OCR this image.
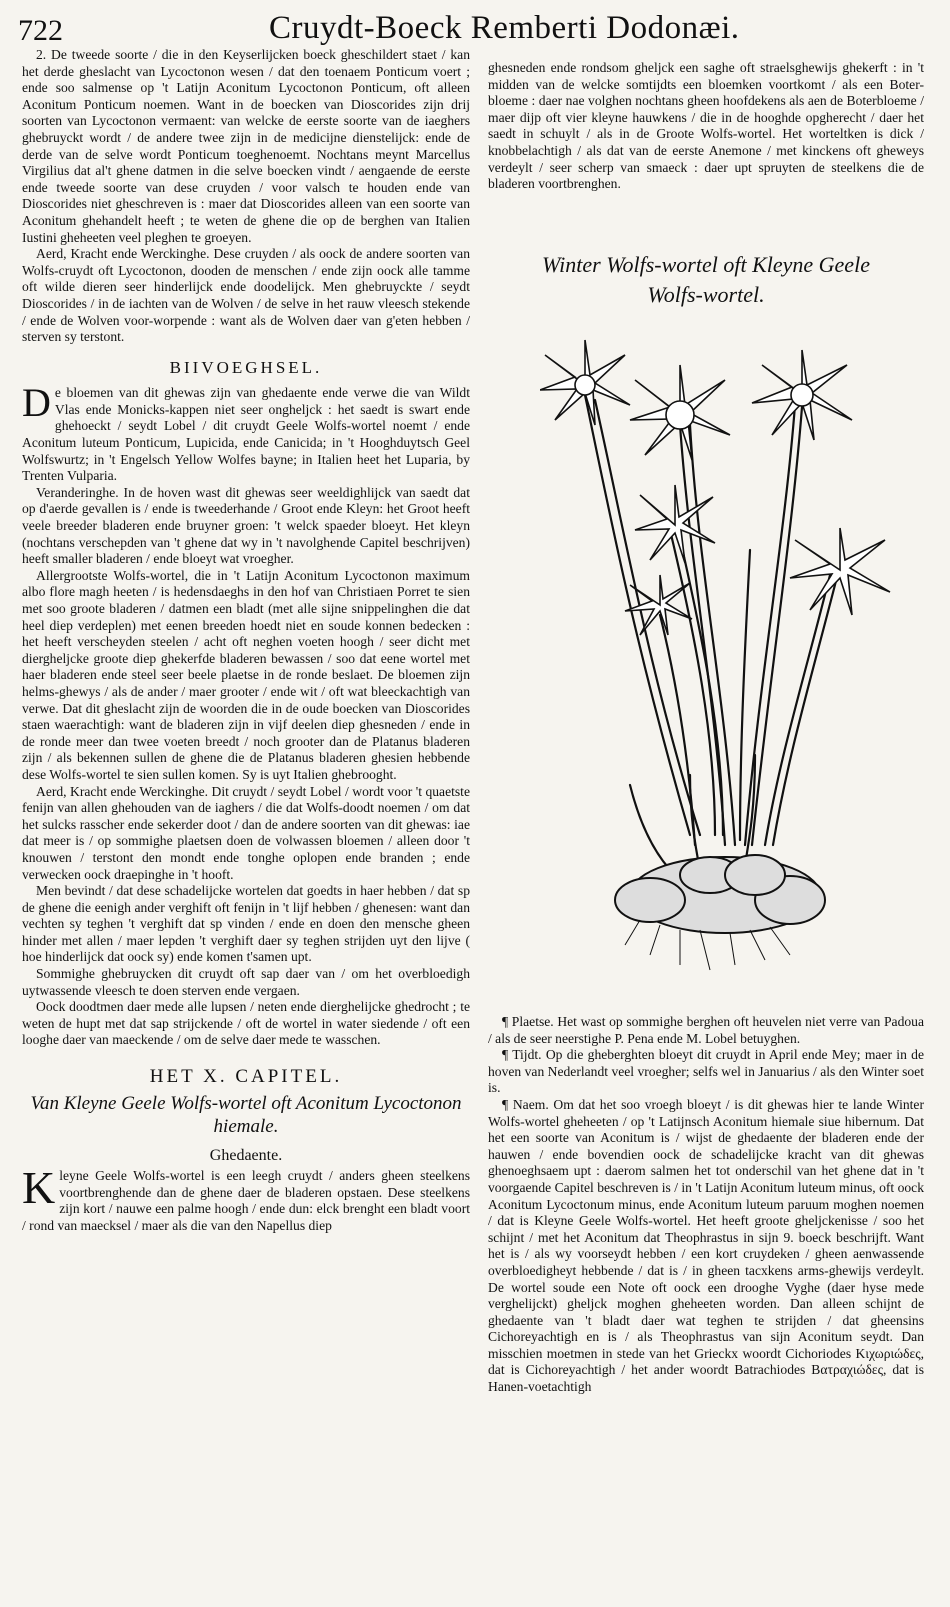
722	Cruydt-Boeck Remberti Dodonæi.

2. De tweede soorte / die in den Keyserlijcken boeck gheschildert staet / kan het derde gheslacht van Lycoctonon wesen / dat den toenaem Ponticum voert ; ende soo salmense op 't Latijn Aconitum Lycoctonon Ponticum, oft alleen Aconitum Ponticum noemen. Want in de boecken van Dioscorides zijn drij soorten van Lycoctonon vermaent: van welcke de eerste soorte van de iaeghers ghebruyckt wordt / de andere twee zijn in de medicijne dienstelijck: ende de derde van de selve wordt Ponticum toeghenoemt. Nochtans meynt Marcellus Virgilius dat al't ghene datmen in die selve boecken vindt / aengaende de eerste ende tweede soorte van dese cruyden / voor valsch te houden ende van Dioscorides niet gheschreven is : maer dat Dioscorides alleen van een soorte van Aconitum ghehandelt heeft ; te weten de ghene die op de berghen van Italien Iustini gheheeten veel pleghen te groeyen.

Aerd, Kracht ende Werckinghe. Dese cruyden / als oock de andere soorten van Wolfs-cruydt oft Lycoctonon, dooden de menschen / ende zijn oock alle tamme oft wilde dieren seer hinderlijck ende doodelijck. Men ghebruyckte / seydt Dioscorides / in de iachten van de Wolven / de selve in het rauw vleesch stekende / ende de Wolven voor-worpende : want als de Wolven daer van g'eten hebben / sterven sy terstont.

BIIVOEGHSEL.

De bloemen van dit ghewas zijn van ghedaente ende verwe die van Wildt Vlas ende Monicks-kappen niet seer ongheljck : het saedt is swart ende ghehoeckt / seydt Lobel / dit cruydt Geele Wolfs-wortel noemt / ende Aconitum luteum Ponticum, Lupicida, ende Canicida; in 't Hooghduytsch Geel Wolfswurtz; in 't Engelsch Yellow Wolfes bayne; in Italien heet het Luparia, by Trenten Vulparia.

Veranderinghe. In de hoven wast dit ghewas seer weeldighlijck van saedt dat op d'aerde gevallen is / ende is tweederhande / Groot ende Kleyn: het Groot heeft veele breeder bladeren ende bruyner groen: 't welck spaeder bloeyt. Het kleyn (nochtans verschepden van 't ghene dat wy in 't navolghende Capitel beschrijven) heeft smaller bladeren / ende bloeyt wat vroegher.

Allergrootste Wolfs-wortel, die in 't Latijn Aconitum Lycoctonon maximum albo flore magh heeten / is hedensdaeghs in den hof van Christiaen Porret te sien met soo groote bladeren / datmen een bladt (met alle sijne snippelinghen die dat heel diep verdeplen) met eenen breeden hoedt niet en soude konnen bedecken : het heeft verscheyden steelen / acht oft neghen voeten hoogh / seer dicht met diergheljcke groote diep ghekerfde bladeren bewassen / soo dat eene wortel met haer bladeren ende steel seer beele plaetse in de ronde beslaet. De bloemen zijn helms-ghewys / als de ander / maer grooter / ende wit / oft wat bleeckachtigh van verwe. Dat dit gheslacht zijn de woorden die in de oude boecken van Dioscorides staen waerachtigh: want de bladeren zijn in vijf deelen diep ghesneden / ende in de ronde meer dan twee voeten breedt / noch grooter dan de Platanus bladeren zijn / als bekennen sullen de ghene die de Platanus bladeren ghesien hebbende dese Wolfs-wortel te sien sullen komen. Sy is uyt Italien ghebrooght.

Aerd, Kracht ende Werckinghe. Dit cruydt / seydt Lobel / wordt voor 't quaetste fenijn van allen ghehouden van de iaghers / die dat Wolfs-doodt noemen / om dat het sulcks rasscher ende sekerder doot / dan de andere soorten van dit ghewas: iae dat meer is / op sommighe plaetsen doen de volwassen bloemen / alleen door 't knouwen / terstont den mondt ende tonghe oplopen ende branden ; ende verwecken oock draepinghe in 't hooft.

Men bevindt / dat dese schadelijcke wortelen dat goedts in haer hebben / dat sp de ghene die eenigh ander verghift oft fenijn in 't lijf hebben / ghenesen: want dan vechten sy teghen 't verghift dat sp vinden / ende en doen den mensche gheen hinder met allen / maer lepden 't verghift daer sy teghen strijden uyt den lijve ( hoe hinderlijck dat oock sy) ende komen t'samen upt.

Sommighe ghebruycken dit cruydt oft sap daer van / om het overbloedigh uytwassende vleesch te doen sterven ende vergaen.

Oock doodtmen daer mede alle lupsen / neten ende dierghelijcke ghedrocht ; te weten de hupt met dat sap strijckende / oft de wortel in water siedende / oft een looghe daer van maeckende / om de selve daer mede te wasschen.

HET X. CAPITEL.
Van Kleyne Geele Wolfs-wortel oft Aconitum Lycoctonon hiemale.
Ghedaente.

Kleyne Geele Wolfs-wortel is een leegh cruydt / anders gheen steelkens voortbrenghende dan de ghene daer de bladeren opstaen. Dese steelkens zijn kort / nauwe een palme hoogh / ende dun: elck brenght een bladt voort / rond van maecksel / maer als die van den Napellus diep

ghesneden ende rondsom gheljck een saghe oft straelsghewijs ghekerft : in 't midden van de welcke somtijdts een bloemken voortkomt / als een Boter-bloeme : daer nae volghen nochtans gheen hoofdekens als aen de Boterbloeme / maer dijp oft vier kleyne hauwkens / die in de hooghde opgherecht / daer het saedt in schuylt / als in de Groote Wolfs-wortel. Het worteltken is dick / knobbelachtigh / als dat van de eerste Anemone / met kinckens oft gheweys verdeylt / seer scherp van smaeck : daer upt spruyten de steelkens die de bladeren voortbrenghen.

Winter Wolfs-wortel oft Kleyne Geele
Wolfs-wortel.

¶ Plaetse. Het wast op sommighe berghen oft heuvelen niet verre van Padoua / als de seer neerstighe P. Pena ende M. Lobel betuyghen.

¶ Tijdt. Op die gheberghten bloeyt dit cruydt in April ende Mey; maer in de hoven van Nederlandt veel vroegher; selfs wel in Januarius / als den Winter soet is.

¶ Naem. Om dat het soo vroegh bloeyt / is dit ghewas hier te lande Winter Wolfs-wortel gheheeten / op 't Latijnsch Aconitum hiemale siue hibernum. Dat het een soorte van Aconitum is / wijst de ghedaente der bladeren ende der hauwen / ende bovendien oock de schadelijcke kracht van dit ghewas ghenoeghsaem upt : daerom salmen het tot onderschil van het ghene dat in 't voorgaende Capitel beschreven is / in 't Latijn Aconitum luteum minus, oft oock Aconitum Lycoctonum minus, ende Aconitum luteum paruum moghen noemen / dat is Kleyne Geele Wolfs-wortel. Het heeft groote gheljckenisse / soo het schijnt / met het Aconitum dat Theophrastus in sijn 9. boeck beschrijft. Want het is / als wy voorseydt hebben / een kort cruydeken / gheen aenwassende overbloedigheyt hebbende / dat is / in gheen tacxkens arms-ghewijs verdeylt. De wortel soude een Note oft oock een drooghe Vyghe (daer hyse mede verghelijckt) gheljck moghen gheheeten worden. Dan alleen schijnt de ghedaente van 't bladt daer wat teghen te strijden / dat gheensins Cichoreyachtigh en is / als Theophrastus van sijn Aconitum seydt. Dan misschien moetmen in stede van het Grieckx woordt Cichoriodes Κιχωριώδες, dat is Cichoreyachtigh / het ander woordt Batrachiodes Βατραχιώδες, dat is Hanen-voetachtigh
